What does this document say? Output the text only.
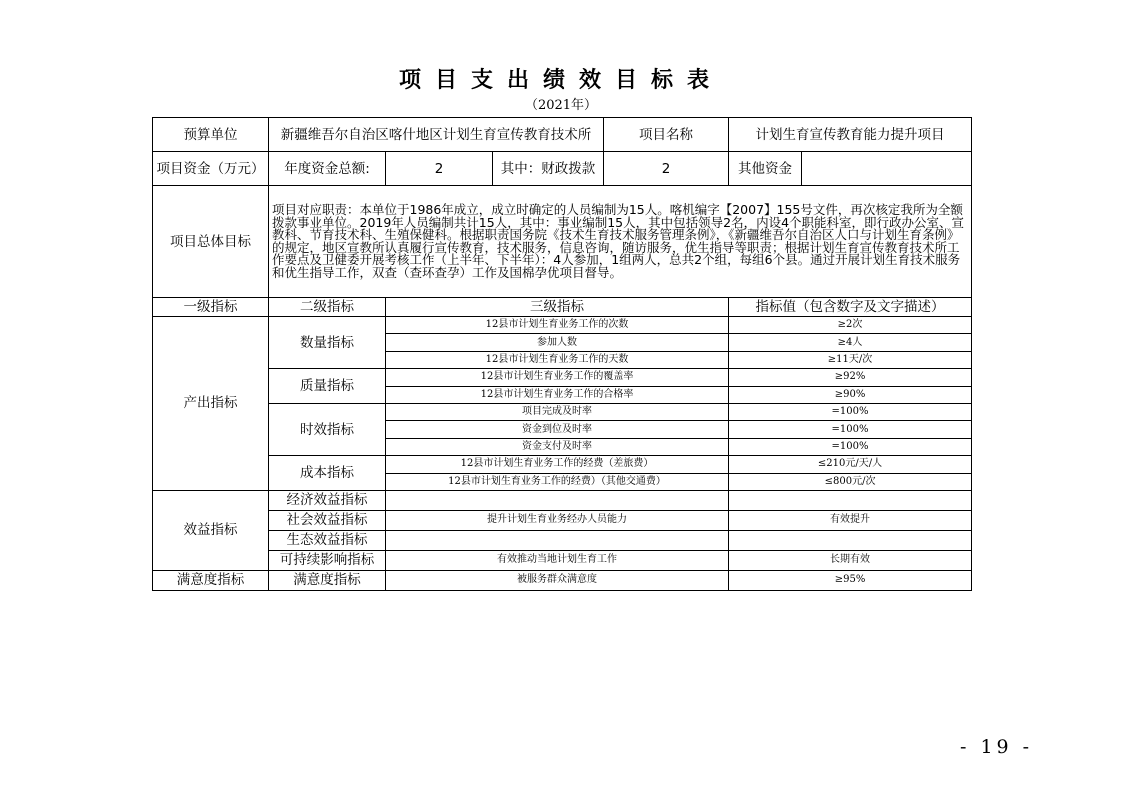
项目支出绩效目标表
（2021年）
预算单位	新疆维吾尔自治区喀什地区计划生育宣传教育技术所			项目名称	计划生育宣传教育能力提升项目	
项目资金（万元）	年度资金总额:	2	其中：财政拨款	2	其他资金	
项目总体目标	项目对应职责：本单位于1986年成立，成立时确定的人员编制为15人。喀机编字【2007】155号文件，再次核定我所为全额拨款事业单位。2019年人员编制共计15人，其中：事业编制15人，其中包括领导2名，内设4个职能科室，即行政办公室、宣教科、节育技术科、生殖保健科。根据职责国务院《技术生育技术服务管理条例》，《新疆维吾尔自治区人口与计划生育条例》的规定，地区宣教所认真履行宣传教育，技术服务，信息咨询，随访服务，优生指导等职责；根据计划生育宣传教育技术所工作要点及卫健委开展考核工作（上半年、下半年）：4人参加，1组两人，总共2个组，每组6个县。通过开展计划生育技术服务和优生指导工作，双查（查环查孕）工作及国棉孕优项目督导。					
一级指标	二级指标	三级指标			指标值（包含数字及文字描述）	
产出指标	数量指标	12县市计划生育业务工作的次数			≥2次	
		参加人数			≥4人	
		12县市计划生育业务工作的天数			≥11天/次	
	质量指标	12县市计划生育业务工作的覆盖率			≥92%	
		12县市计划生育业务工作的合格率			≥90%	
	时效指标	项目完成及时率			=100%	
		资金到位及时率			=100%	
		资金支付及时率			=100%	
	成本指标	12县市计划生育业务工作的经费（差旅费）			≤210元/天/人	
		12县市计划生育业务工作的经费）（其他交通费）			≤800元/次	
效益指标	经济效益指标					
	社会效益指标	提升计划生育业务经办人员能力			有效提升	
	生态效益指标					
	可持续影响指标	有效推动当地计划生育工作			长期有效	
满意度指标	满意度指标	被服务群众满意度			≥95%	
- 19 -
